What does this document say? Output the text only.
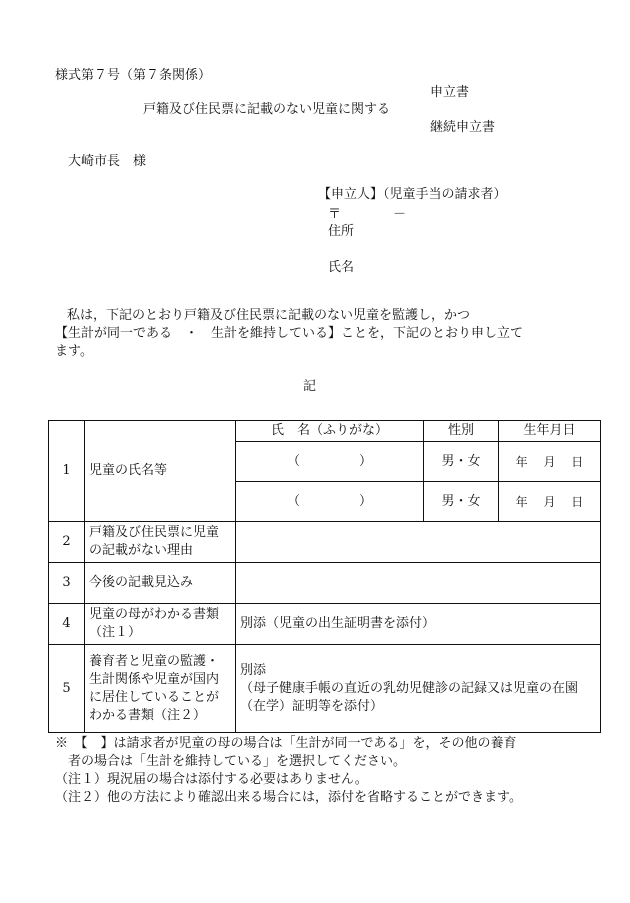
様式第７号（第７条関係）
申立書
戸籍及び住民票に記載のない児童に関する
継続申立書
大崎市長　様
【申立人】（児童手当の請求者）
〒　　　　－
住所
氏名
私は，下記のとおり戸籍及び住民票に記載のない児童を監護し，かつ
【生計が同一である　・　生計を維持している】ことを，下記のとおり申し立て
ます。
記
1	児童の氏名等	氏　名（ふりがな）	性別	生年月日
		（ ）	男・女	年　 月　 日
		（ ）	男・女	年　 月　 日
2	戸籍及び住民票に児童の記載がない理由			
3	今後の記載見込み			
4	児童の母がわかる書類（注１）	別添（児童の出生証明書を添付）		
5	養育者と児童の監護・生計関係や児童が国内に居住していることがわかる書類（注２）	別添
（母子健康手帳の直近の乳幼児健診の記録又は児童の在園（在学）証明等を添付）		
※　【　】は請求者が児童の母の場合は「生計が同一である」を，その他の養育
　者の場合は「生計を維持している」を選択してください。
（注１）現況届の場合は添付する必要はありません。
（注２）他の方法により確認出来る場合には，添付を省略することができます。
